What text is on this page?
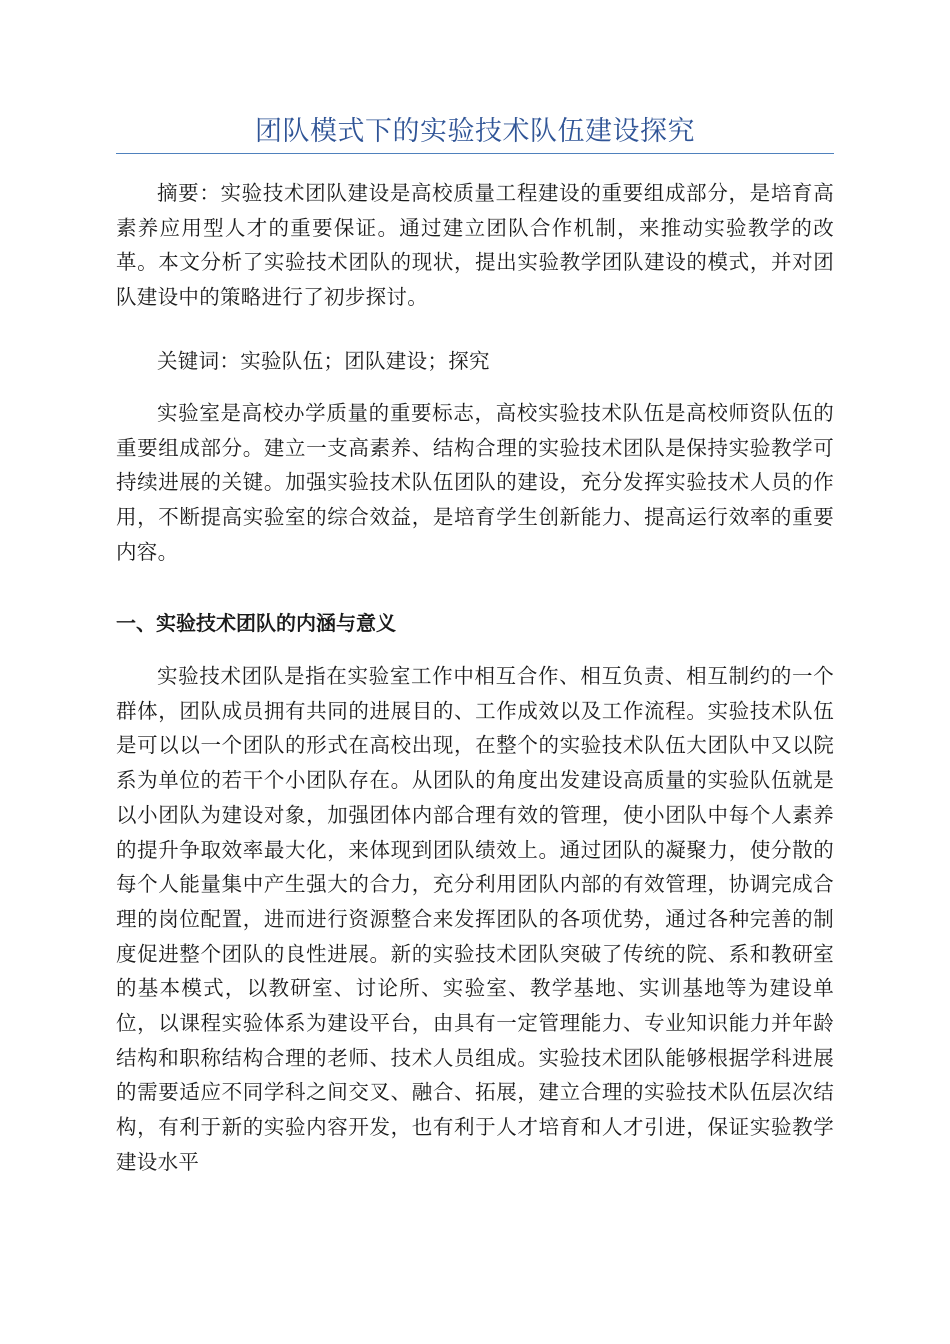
团队模式下的实验技术队伍建设探究

摘要：实验技术团队建设是高校质量工程建设的重要组成部分，是培育高素养应用型人才的重要保证。通过建立团队合作机制，来推动实验教学的改革。本文分析了实验技术团队的现状，提出实验教学团队建设的模式，并对团队建设中的策略进行了初步探讨。

关键词：实验队伍；团队建设；探究

实验室是高校办学质量的重要标志，高校实验技术队伍是高校师资队伍的重要组成部分。建立一支高素养、结构合理的实验技术团队是保持实验教学可持续进展的关键。加强实验技术队伍团队的建设，充分发挥实验技术人员的作用，不断提高实验室的综合效益，是培育学生创新能力、提高运行效率的重要内容。

一、实验技术团队的内涵与意义

实验技术团队是指在实验室工作中相互合作、相互负责、相互制约的一个群体，团队成员拥有共同的进展目的、工作成效以及工作流程。实验技术队伍是可以以一个团队的形式在高校出现，在整个的实验技术队伍大团队中又以院系为单位的若干个小团队存在。从团队的角度出发建设高质量的实验队伍就是以小团队为建设对象，加强团体内部合理有效的管理，使小团队中每个人素养的提升争取效率最大化，来体现到团队绩效上。通过团队的凝聚力，使分散的每个人能量集中产生强大的合力，充分利用团队内部的有效管理，协调完成合理的岗位配置，进而进行资源整合来发挥团队的各项优势，通过各种完善的制度促进整个团队的良性进展。新的实验技术团队突破了传统的院、系和教研室的基本模式，以教研室、讨论所、实验室、教学基地、实训基地等为建设单位，以课程实验体系为建设平台，由具有一定管理能力、专业知识能力并年龄结构和职称结构合理的老师、技术人员组成。实验技术团队能够根据学科进展的需要适应不同学科之间交叉、融合、拓展，建立合理的实验技术队伍层次结构，有利于新的实验内容开发，也有利于人才培育和人才引进，保证实验教学建设水平
